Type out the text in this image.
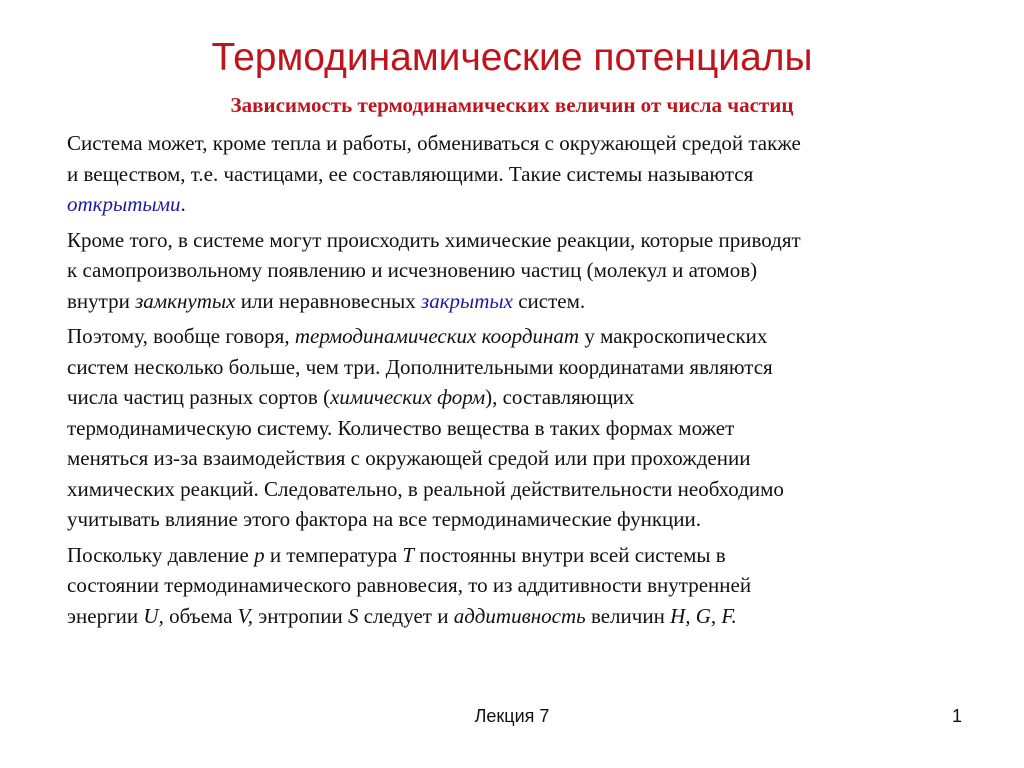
Термодинамические потенциалы
Зависимость термодинамических величин от числа частиц

Система может, кроме тепла и работы, обмениваться с окружающей средой также
и веществом, т.е. частицами, ее составляющими. Такие системы называются
открытыми.

Кроме того, в системе могут происходить химические реакции, которые приводят
к самопроизвольному появлению и исчезновению частиц (молекул и атомов)
внутри замкнутых или неравновесных закрытых систем.

Поэтому, вообще говоря, термодинамических координат у макроскопических
систем несколько больше, чем три. Дополнительными координатами являются
числа частиц разных сортов (химических форм), составляющих
термодинамическую систему. Количество вещества в таких формах может
меняться из-за взаимодействия с окружающей средой или при прохождении
химических реакций. Следовательно, в реальной действительности необходимо
учитывать влияние этого фактора на все термодинамические функции.

Поскольку давление p и температура T постоянны внутри всей системы в
состоянии термодинамического равновесия, то из аддитивности внутренней
энергии U, объема V, энтропии S следует и аддитивность величин H, G, F.

Лекция 7	1
